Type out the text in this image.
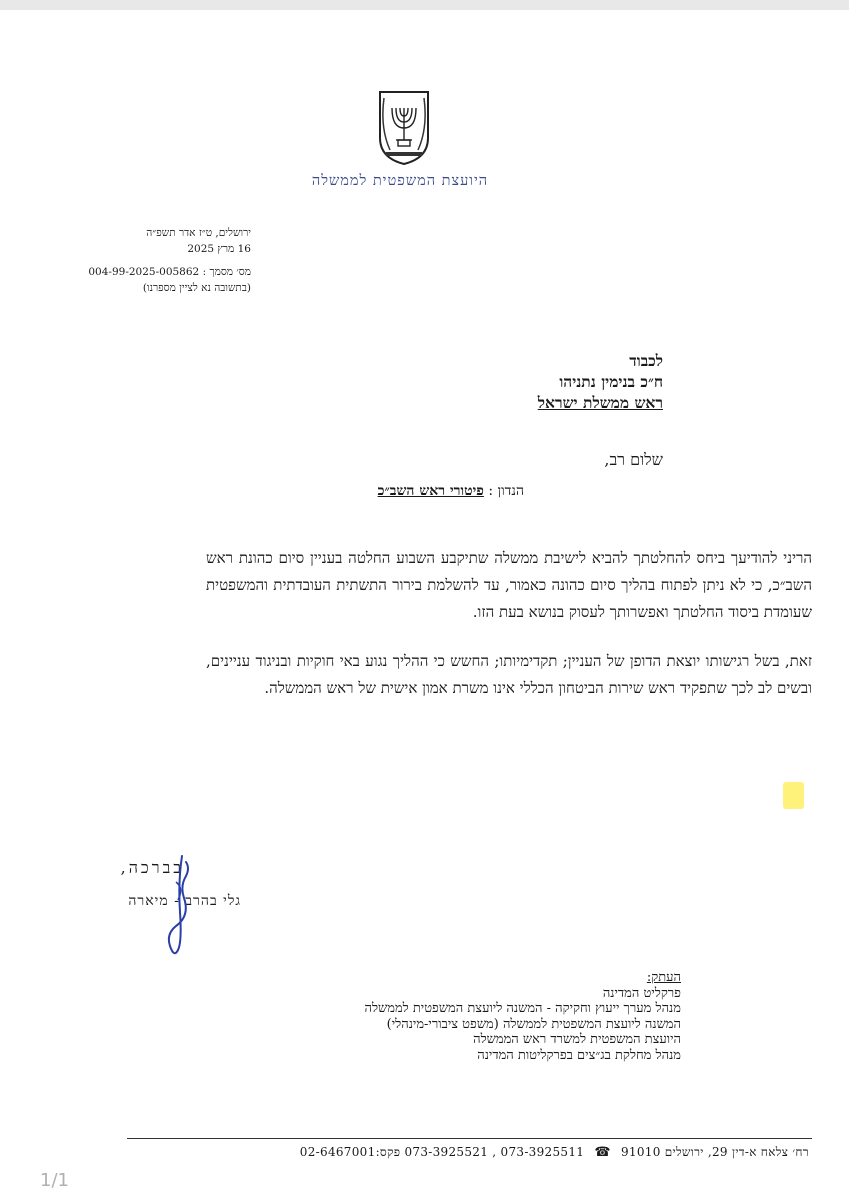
היועצת המשפטית לממשלה
ירושלים, ט״ז אדר תשפ״ה
16 מרץ 2025
מס׳ מסמך : 004-99-2025-005862
(בתשובה נא לציין מספרנו)
לכבוד
ח״כ בנימין נתניהו
ראש ממשלת ישראל
שלום רב,
הנדון : פיטורי ראש השב״כ
הריני להודיעך ביחס להחלטתך להביא לישיבת ממשלה שתיקבע השבוע החלטה בעניין סיום כהונת ראש השב״כ, כי לא ניתן לפתוח בהליך סיום כהונה כאמור, עד להשלמת בירור התשתית העובדתית והמשפטית שעומדת ביסוד החלטתך ואפשרותך לעסוק בנושא בעת הזו.
זאת, בשל רגישותו יוצאת הדופן של העניין; תקדימיותו; החשש כי ההליך נגוע באי חוקיות ובניגוד עניינים, ובשים לב לכך שתפקיד ראש שירות הביטחון הכללי אינו משרת אמון אישית של ראש הממשלה.
בברכה,
גלי בהרב - מיארה
העתק:
פרקליט המדינה
מנהל מערך ייעוץ וחקיקה - המשנה ליועצת המשפטית לממשלה
המשנה ליועצת המשפטית לממשלה (משפט ציבורי-מינהלי)
היועצת המשפטית למשרד ראש הממשלה
מנהל מחלקת בג״צים בפרקליטות המדינה
רח׳ צלאח א-דין 29, ירושלים 91010 ☎ 073-3925511 , 073-3925521 פקס:02-6467001
1/1
